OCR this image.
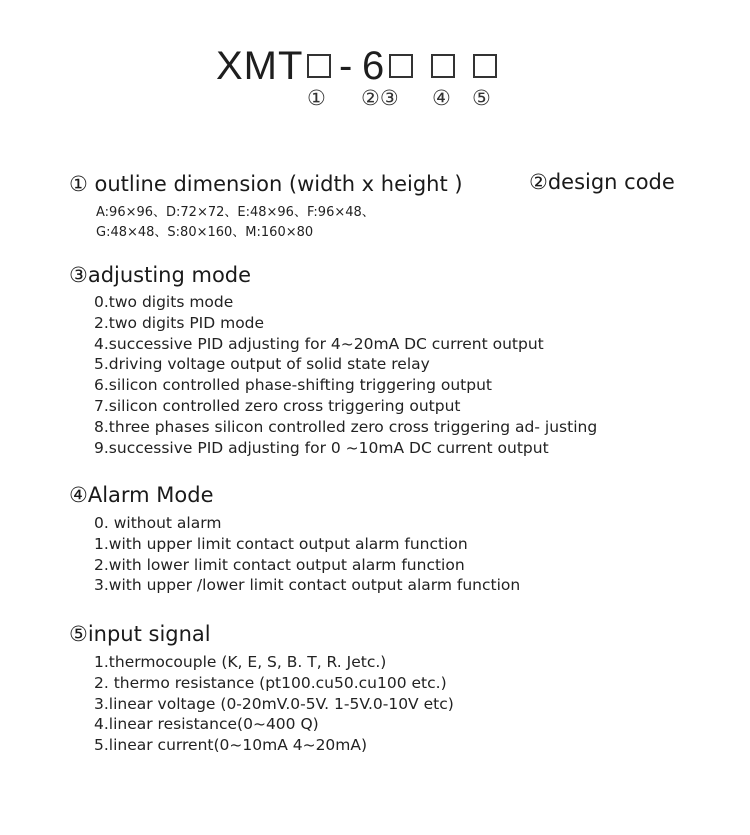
XMT - 6
① ②③ ④ ⑤
① outline dimension (width x height )
A:96×96、D:72×72、E:48×96、F:96×48、
G:48×48、S:80×160、M:160×80
②design code
③adjusting mode
0.two digits mode
2.two digits PID mode
4.successive PID adjusting for 4~20mA DC current output
5.driving voltage output of solid state relay
6.silicon controlled phase-shifting triggering output
7.silicon controlled zero cross triggering output
8.three phases silicon controlled zero cross triggering ad- justing
9.successive PID adjusting for 0 ~10mA DC current output
④Alarm Mode
0. without alarm
1.with upper limit contact output alarm function
2.with lower limit contact output alarm function
3.with upper /lower limit contact output alarm function
⑤input signal
1.thermocouple (K, E, S, B. T, R. Jetc.)
2. thermo resistance (pt100.cu50.cu100 etc.)
3.linear voltage (0-20mV.0-5V. 1-5V.0-10V etc)
4.linear resistance(0~400 Q)
5.linear current(0~10mA 4~20mA)
